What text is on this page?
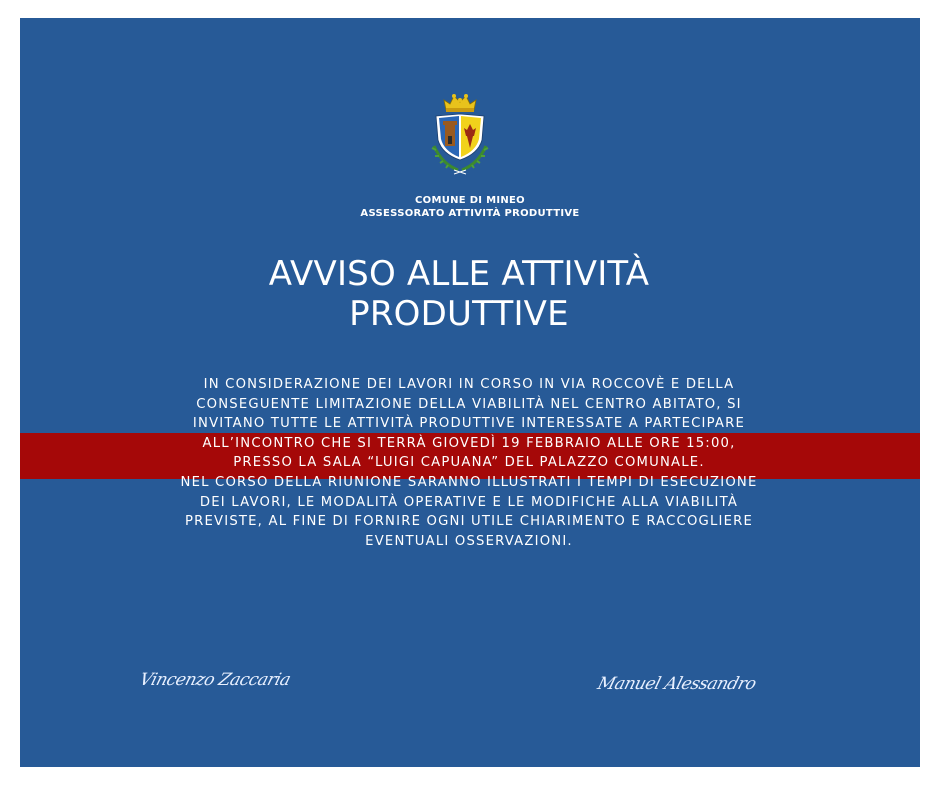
COMUNE DI MINEO
ASSESSORATO ATTIVITÀ PRODUTTIVE
AVVISO ALLE ATTIVITÀ
PRODUTTIVE
IN CONSIDERAZIONE DEI LAVORI IN CORSO IN VIA ROCCOVÈ E DELLA
CONSEGUENTE LIMITAZIONE DELLA VIABILITÀ NEL CENTRO ABITATO, SI
INVITANO TUTTE LE ATTIVITÀ PRODUTTIVE INTERESSATE A PARTECIPARE
ALL’INCONTRO CHE SI TERRÀ GIOVEDÌ 19 FEBBRAIO ALLE ORE 15:00,
PRESSO LA SALA “LUIGI CAPUANA” DEL PALAZZO COMUNALE.
NEL CORSO DELLA RIUNIONE SARANNO ILLUSTRATI I TEMPI DI ESECUZIONE
DEI LAVORI, LE MODALITÀ OPERATIVE E LE MODIFICHE ALLA VIABILITÀ
PREVISTE, AL FINE DI FORNIRE OGNI UTILE CHIARIMENTO E RACCOGLIERE
EVENTUALI OSSERVAZIONI.
Vincenzo Zaccaria	Manuel Alessandro
